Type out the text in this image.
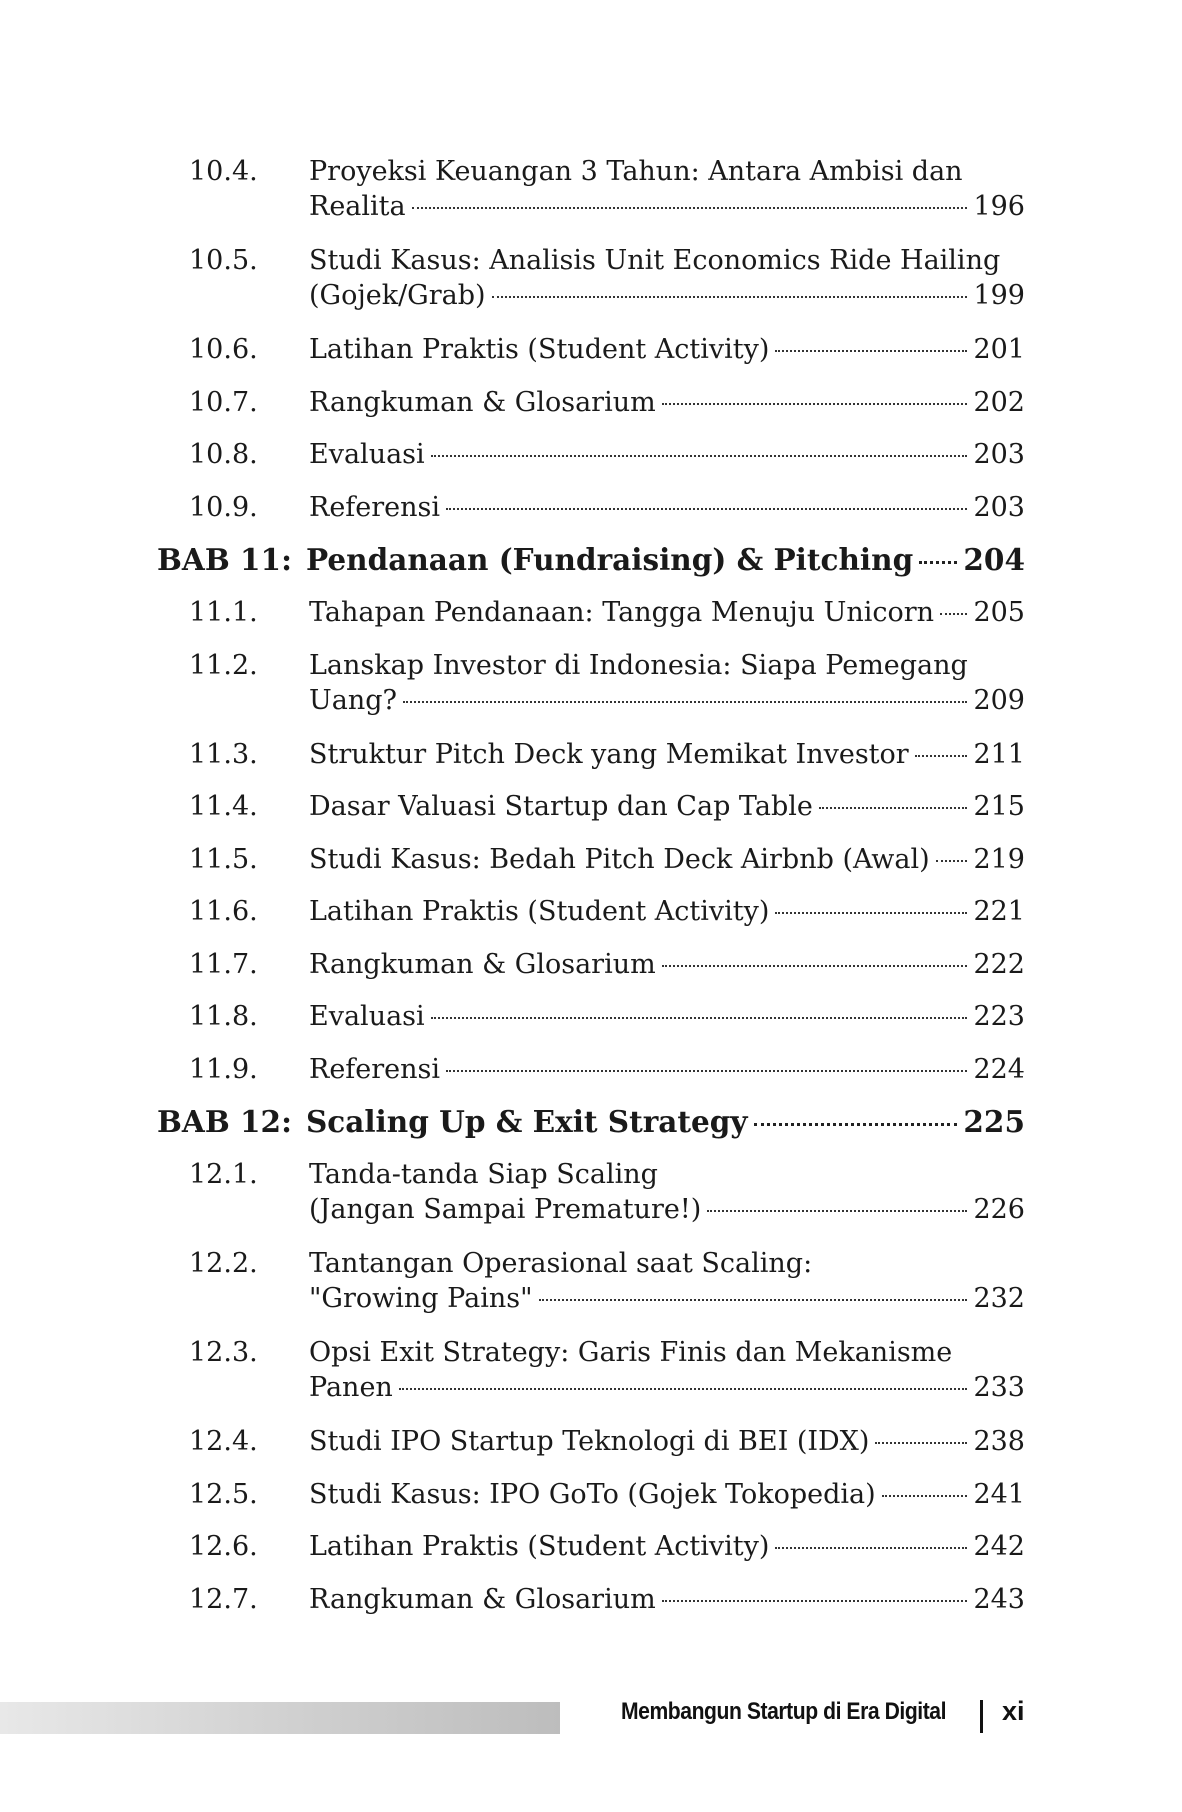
10.4.	Proyeksi Keuangan 3 Tahun: Antara Ambisi dan
Realita	196
10.5.	Studi Kasus: Analisis Unit Economics Ride Hailing
(Gojek/Grab)	199
10.6.	Latihan Praktis (Student Activity)	201
10.7.	Rangkuman & Glosarium	202
10.8.	Evaluasi	203
10.9.	Referensi	203
BAB 11: Pendanaan (Fundraising) & Pitching 204
11.1.	Tahapan Pendanaan: Tangga Menuju Unicorn 205
11.2.	Lanskap Investor di Indonesia: Siapa Pemegang
Uang?	209
11.3.	Struktur Pitch Deck yang Memikat Investor 211
11.4.	Dasar Valuasi Startup dan Cap Table	215
11.5.	Studi Kasus: Bedah Pitch Deck Airbnb (Awal) 219
11.6.	Latihan Praktis (Student Activity)	221
11.7.	Rangkuman & Glosarium	222
11.8.	Evaluasi	223
11.9.	Referensi	224
BAB 12: Scaling Up & Exit Strategy	225
12.1.	Tanda-tanda Siap Scaling
(Jangan Sampai Premature!)	226
12.2.	Tantangan Operasional saat Scaling:
"Growing Pains"	232
12.3.	Opsi Exit Strategy: Garis Finis dan Mekanisme
Panen	233
12.4.	Studi IPO Startup Teknologi di BEI (IDX)	238
12.5.	Studi Kasus: IPO GoTo (Gojek Tokopedia)	241
12.6.	Latihan Praktis (Student Activity)	242
12.7.	Rangkuman & Glosarium	243
Membangun Startup di Era Digital xi
